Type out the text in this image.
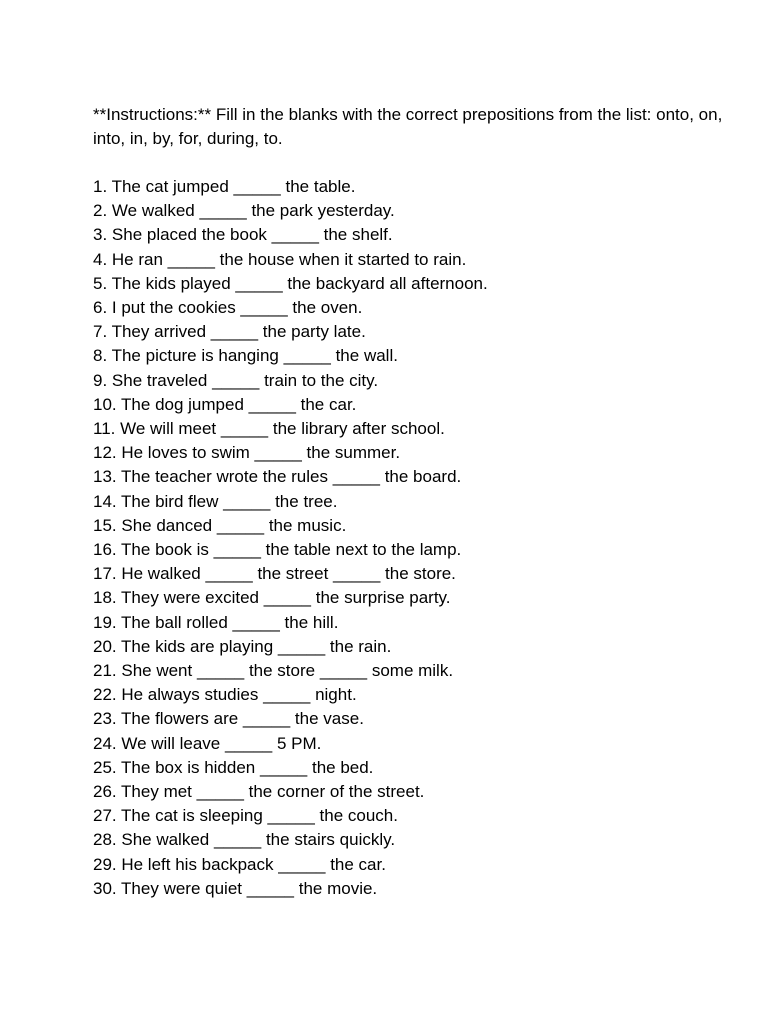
**Instructions:** Fill in the blanks with the correct prepositions from the list: onto, on, into, in, by, for, during, to.

1. The cat jumped _____ the table.
2. We walked _____ the park yesterday.
3. She placed the book _____ the shelf.
4. He ran _____ the house when it started to rain.
5. The kids played _____ the backyard all afternoon.
6. I put the cookies _____ the oven.
7. They arrived _____ the party late.
8. The picture is hanging _____ the wall.
9. She traveled _____ train to the city.
10. The dog jumped _____ the car.
11. We will meet _____ the library after school.
12. He loves to swim _____ the summer.
13. The teacher wrote the rules _____ the board.
14. The bird flew _____ the tree.
15. She danced _____ the music.
16. The book is _____ the table next to the lamp.
17. He walked _____ the street _____ the store.
18. They were excited _____ the surprise party.
19. The ball rolled _____ the hill.
20. The kids are playing _____ the rain.
21. She went _____ the store _____ some milk.
22. He always studies _____ night.
23. The flowers are _____ the vase.
24. We will leave _____ 5 PM.
25. The box is hidden _____ the bed.
26. They met _____ the corner of the street.
27. The cat is sleeping _____ the couch.
28. She walked _____ the stairs quickly.
29. He left his backpack _____ the car.
30. They were quiet _____ the movie.
